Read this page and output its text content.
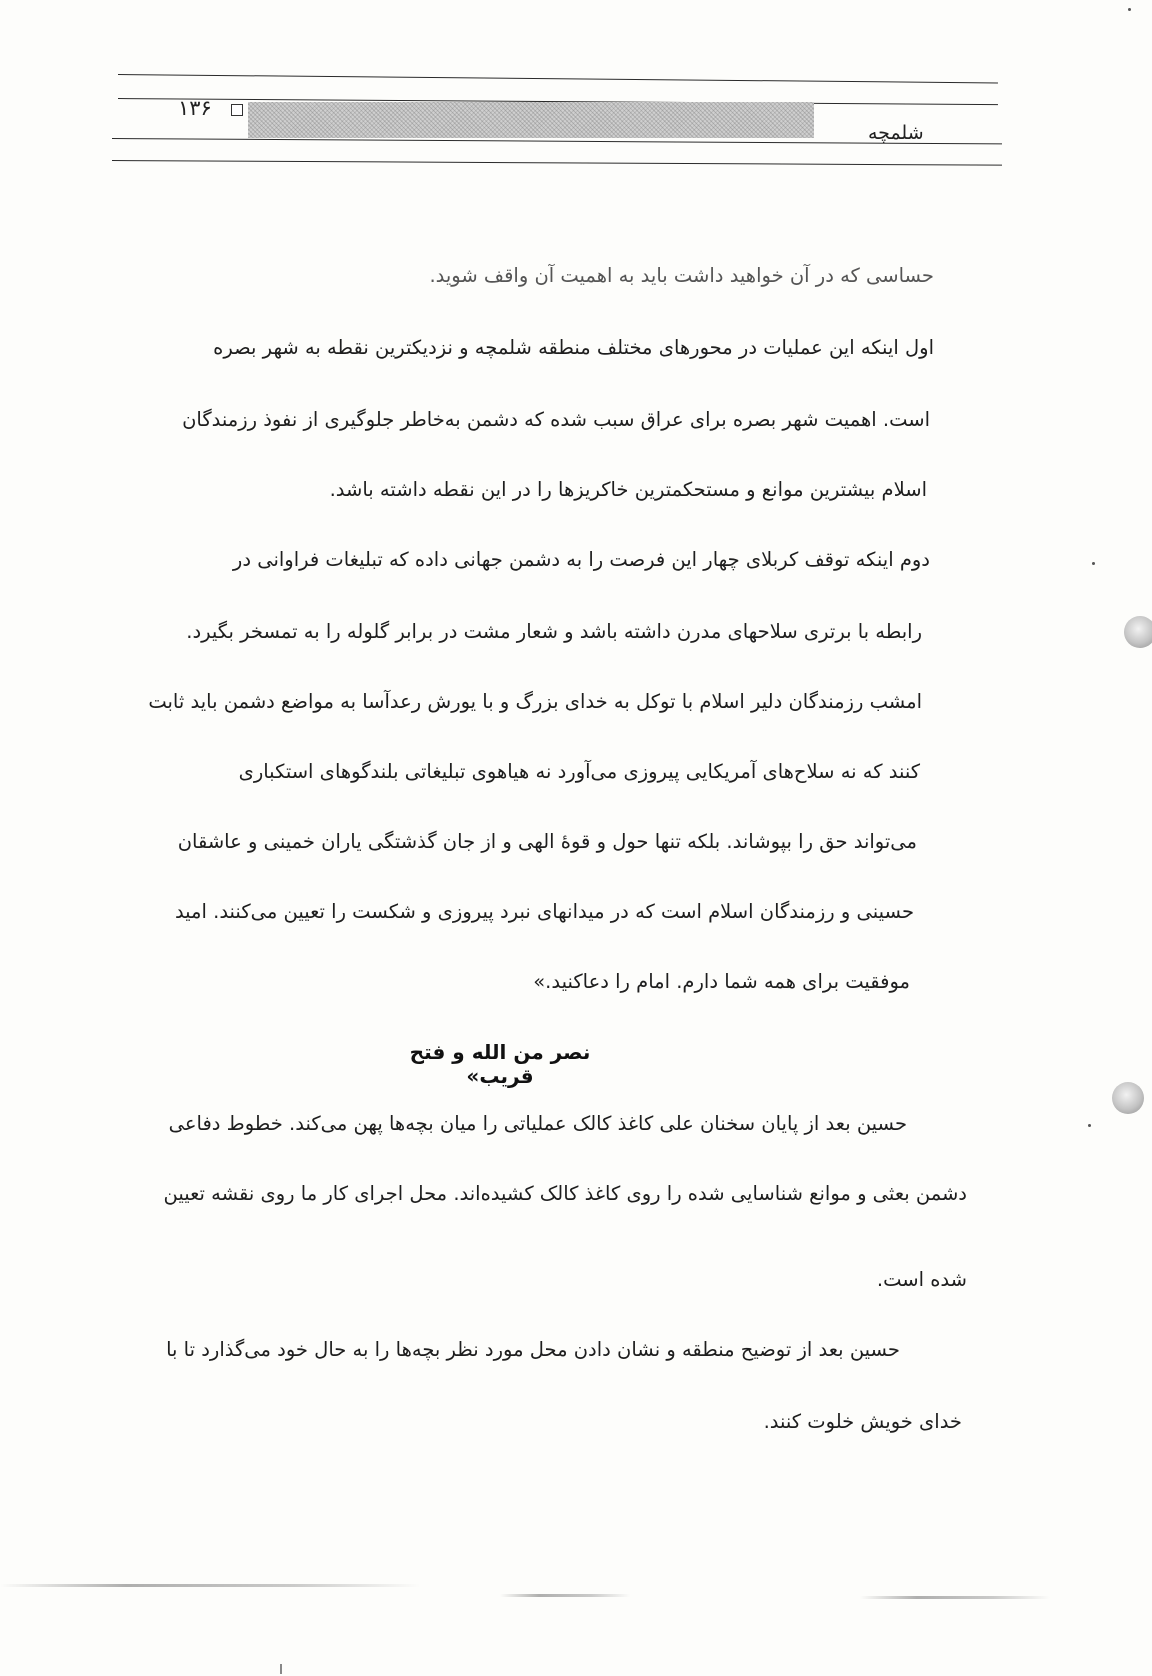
۱۳۶
شلمچه
حساسی که در آن خواهید داشت باید به اهمیت آن واقف شوید.
اول اینکه این عملیات در محورهای مختلف منطقه شلمچه و نزدیکترین نقطه به شهر بصره
است. اهمیت شهر بصره برای عراق سبب شده که دشمن به‌خاطر جلوگیری از نفوذ رزمندگان
اسلام بیشترین موانع و مستحکمترین خاکریزها را در این نقطه داشته باشد.
دوم اینکه توقف کربلای چهار این فرصت را به دشمن جهانی داده که تبلیغات فراوانی در
رابطه با برتری سلاحهای مدرن داشته باشد و شعار مشت در برابر گلوله را به تمسخر بگیرد.
امشب رزمندگان دلیر اسلام با توکل به خدای بزرگ و با یورش رعدآسا به مواضع دشمن باید ثابت
کنند که نه سلاح‌های آمریکایی پیروزی می‌آورد نه هیاهوی تبلیغاتی بلندگوهای استکباری
می‌تواند حق را بپوشاند. بلکه تنها حول و قوهٔ الهی و از جان گذشتگی یاران خمینی و عاشقان
حسینی و رزمندگان اسلام است که در میدانهای نبرد پیروزی و شکست را تعیین می‌کنند. امید
موفقیت برای همه شما دارم. امام را دعاکنید.»
نصر من الله و فتح قریب»
حسین بعد از پایان سخنان علی کاغذ کالک عملیاتی را میان بچه‌ها پهن می‌کند. خطوط دفاعی
دشمن بعثی و موانع شناسایی شده را روی کاغذ کالک کشیده‌اند. محل اجرای کار ما روی نقشه تعیین
شده است.
حسین بعد از توضیح منطقه و نشان دادن محل مورد نظر بچه‌ها را به حال خود می‌گذارد تا با
خدای خویش خلوت کنند.
